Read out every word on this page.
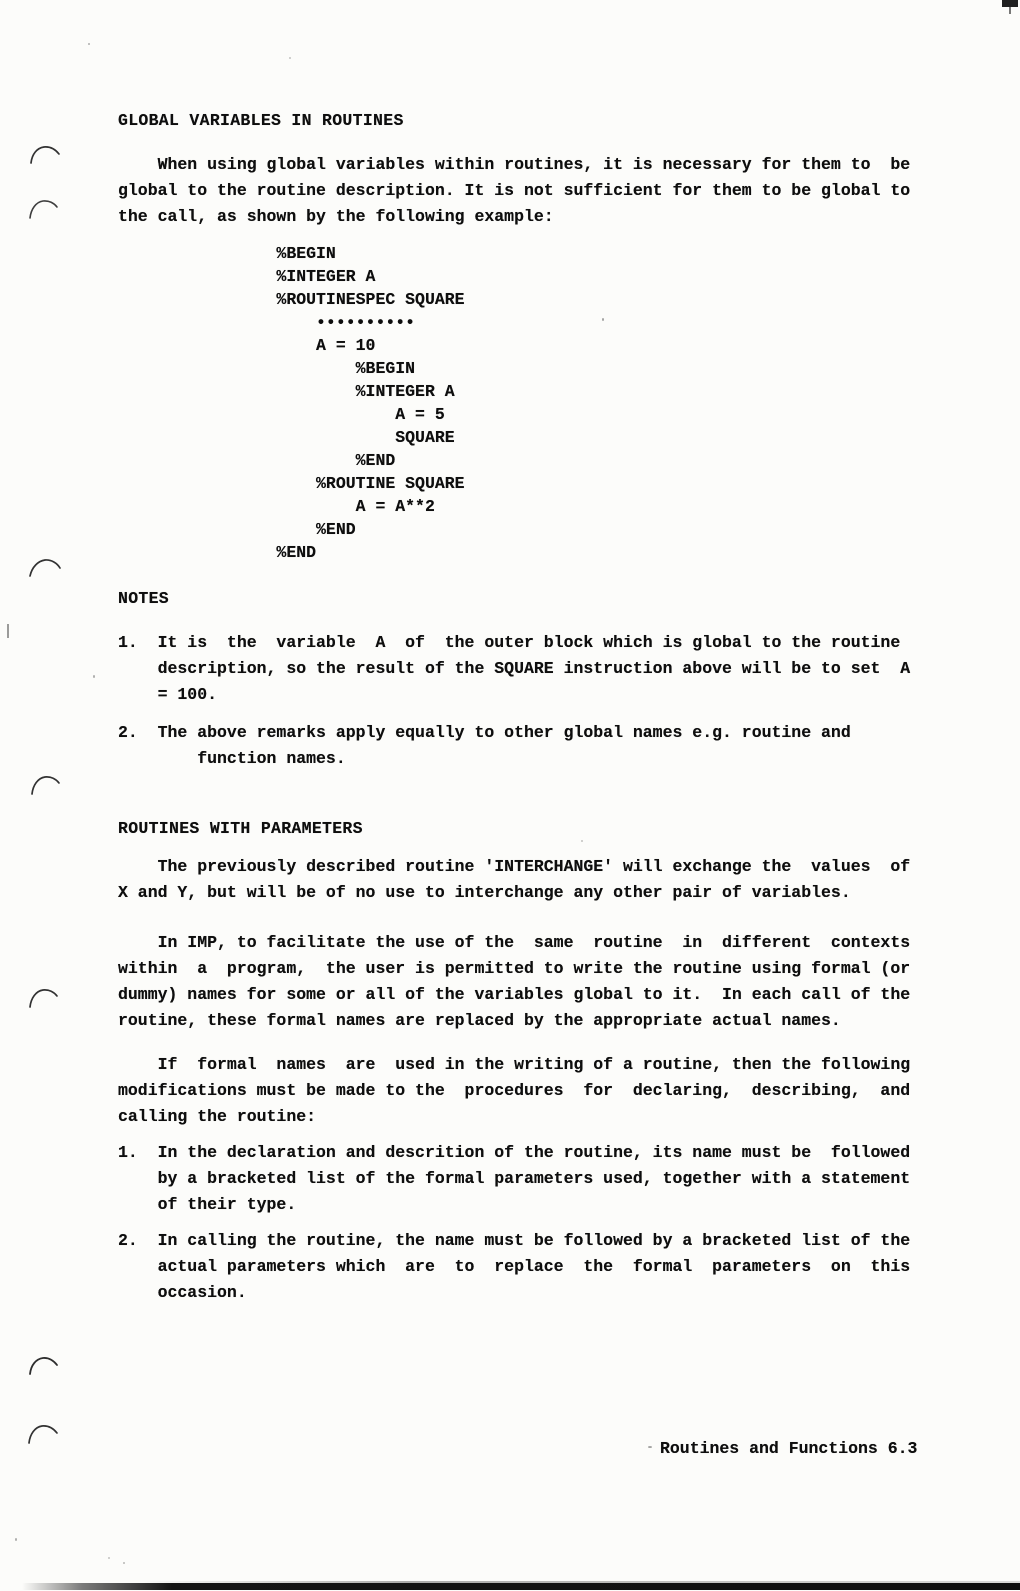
GLOBAL VARIABLES IN ROUTINES
When using global variables within routines, it is necessary for them to  be
global to the routine description. It is not sufficient for them to be global to
the call, as shown by the following example:
%BEGIN
%INTEGER A
%ROUTINESPEC SQUARE
••••••••••
A = 10
%BEGIN
%INTEGER A
A = 5
SQUARE
%END
%ROUTINE SQUARE
A = A**2
%END
%END
NOTES
1.  It is  the  variable  A  of  the outer block which is global to the routine
description, so the result of the SQUARE instruction above will be to set  A
= 100.
2.  The above remarks apply equally to other global names e.g. routine and
function names.
ROUTINES WITH PARAMETERS
The previously described routine 'INTERCHANGE' will exchange the  values  of
X and Y, but will be of no use to interchange any other pair of variables.
In IMP, to facilitate the use of the  same  routine  in  different  contexts
within  a  program,  the user is permitted to write the routine using formal (or
dummy) names for some or all of the variables global to it.  In each call of the
routine, these formal names are replaced by the appropriate actual names.
If  formal  names  are  used in the writing of a routine, then the following
modifications must be made to the  procedures  for  declaring,  describing,  and
calling the routine:
1.  In the declaration and descrition of the routine, its name must be  followed
by a bracketed list of the formal parameters used, together with a statement
of their type.
2.  In calling the routine, the name must be followed by a bracketed list of the
actual parameters which  are  to  replace  the  formal  parameters  on  this
occasion.
Routines and Functions 6.3
